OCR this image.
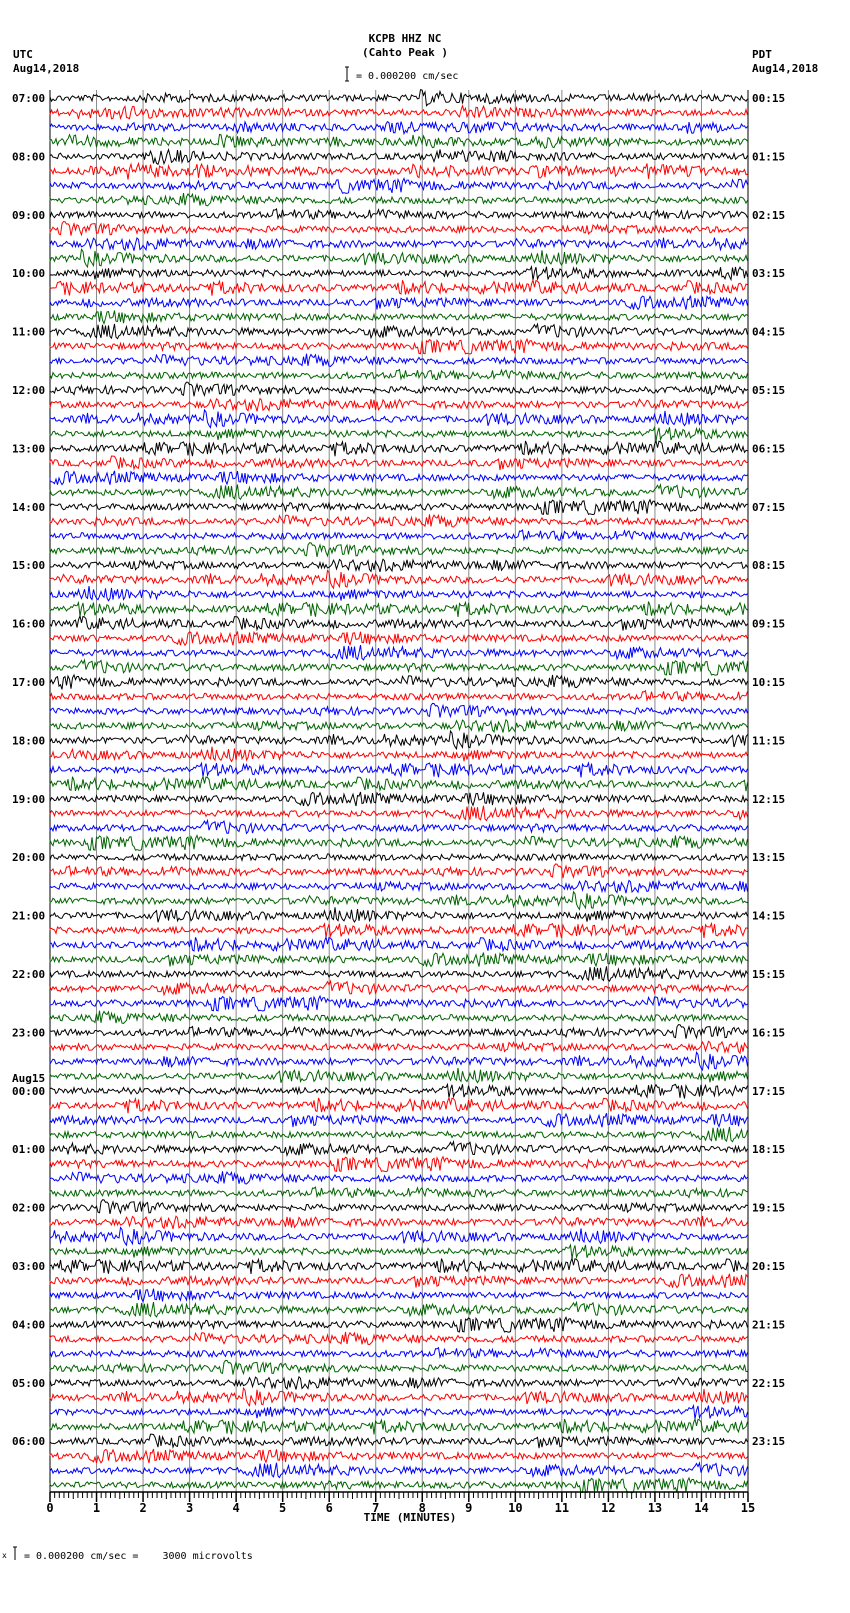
KCPB HHZ NC
(Cahto Peak )
UTC
Aug14,2018
PDT
Aug14,2018
= 0.000200 cm/sec
07:00	00:15
08:00	01:15
09:00	02:15
10:00	03:15
11:00	04:15
12:00	05:15
13:00	06:15
14:00	07:15
15:00	08:15
16:00	09:15
17:00	10:15
18:00	11:15
19:00	12:15
20:00	13:15
21:00	14:15
22:00	15:15
23:00	16:15
00:00	17:15
Aug15
01:00	18:15
02:00	19:15
03:00	20:15
04:00	21:15
05:00	22:15
06:00	23:15
0	1	2	3	4	5	6	7	8	9	10	11	12	13	14	15
TIME (MINUTES)
x = 0.000200 cm/sec =    3000 microvolts
